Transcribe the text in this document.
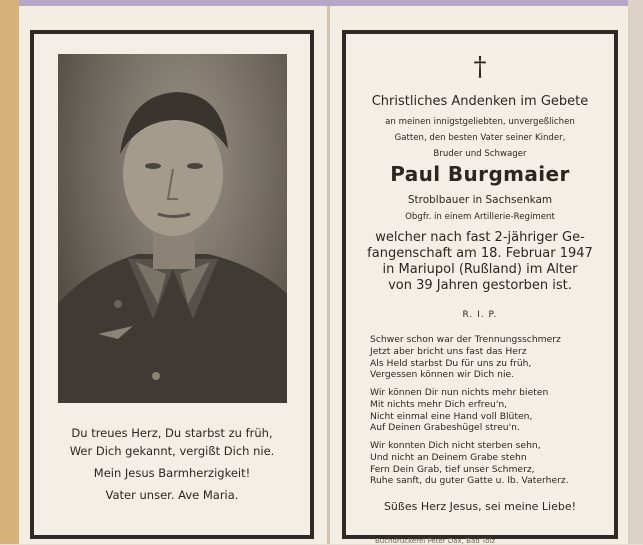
Du treues Herz, Du starbst zu früh,
Wer Dich gekannt, vergißt Dich nie.
Mein Jesus Barmherzigkeit!
Vater unser. Ave Maria.
†
Christliches Andenken im Gebete
an meinen innigstgeliebten, unvergeßlichen
Gatten, den besten Vater seiner Kinder,
Bruder und Schwager
Paul Burgmaier
Stroblbauer in Sachsenkam
Obgfr. in einem Artillerie-Regiment
welcher nach fast 2-jähriger Ge-
fangenschaft am 18. Februar 1947
in Mariupol (Rußland) im Alter
von 39 Jahren gestorben ist.
R. I. P.
Schwer schon war der Trennungsschmerz
Jetzt aber bricht uns fast das Herz
Als Held starbst Du für uns zu früh,
Vergessen können wir Dich nie.
Wir können Dir nun nichts mehr bieten
Mit nichts mehr Dich erfreu'n,
Nicht einmal eine Hand voll Blüten,
Auf Deinen Grabeshügel streu'n.
Wir konnten Dich nicht sterben sehn,
Und nicht an Deinem Grabe stehn
Fern Dein Grab, tief unser Schmerz,
Ruhe sanft, du guter Gatte u. lb. Vaterherz.
Süßes Herz Jesus, sei meine Liebe!
Buchdruckerei Peter Dax, Bad Tölz
